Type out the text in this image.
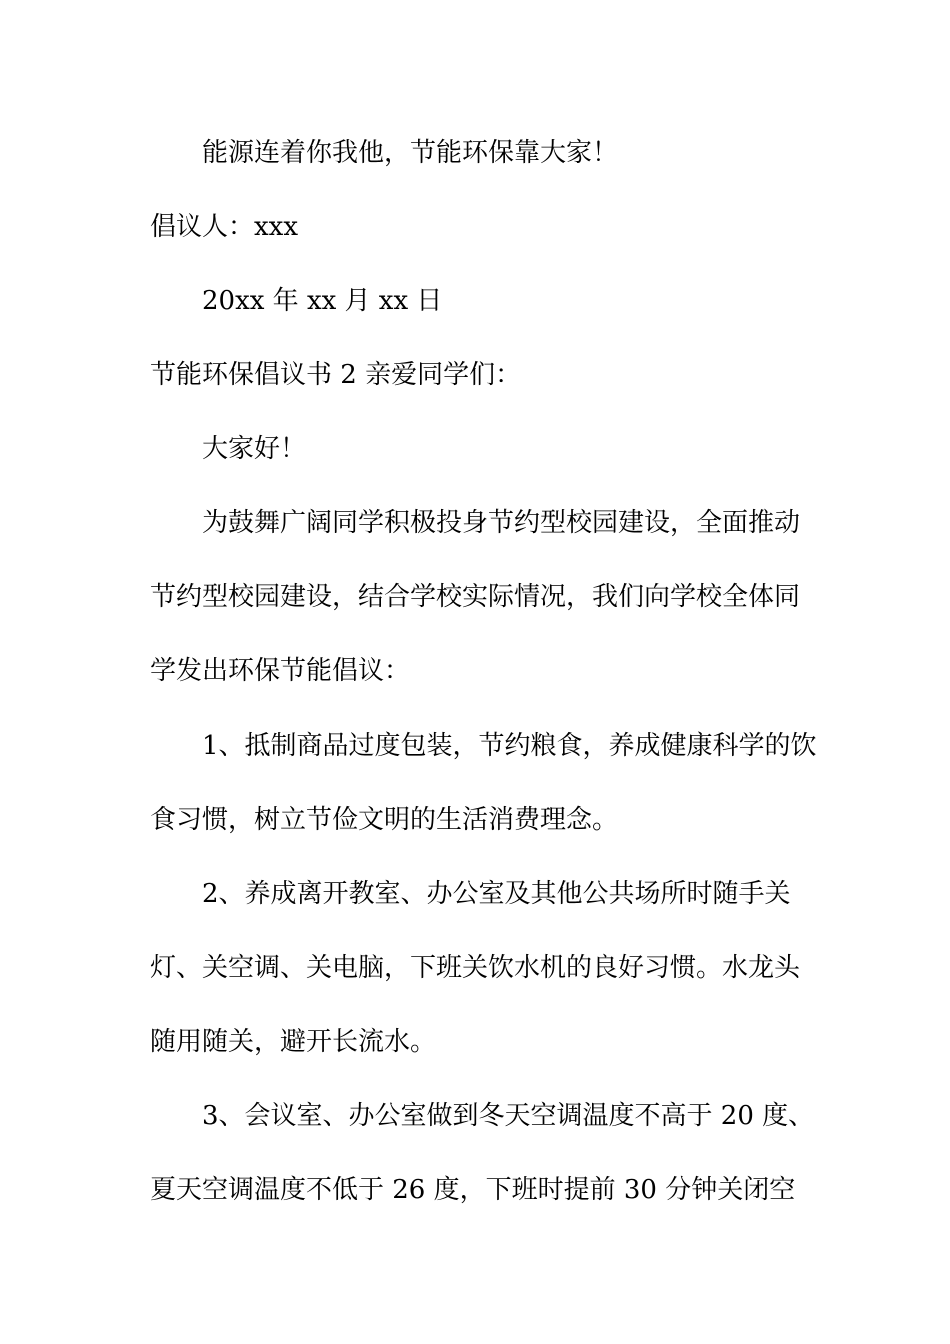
能源连着你我他，节能环保靠大家！
倡议人：xxx
20xx 年 xx 月 xx 日
节能环保倡议书 2 亲爱同学们：
大家好！
为鼓舞广阔同学积极投身节约型校园建设，全面推动
节约型校园建设，结合学校实际情况，我们向学校全体同
学发出环保节能倡议：
1、抵制商品过度包装，节约粮食，养成健康科学的饮
食习惯，树立节俭文明的生活消费理念。
2、养成离开教室、办公室及其他公共场所时随手关
灯、关空调、关电脑，下班关饮水机的良好习惯。水龙头
随用随关，避开长流水。
3、会议室、办公室做到冬天空调温度不高于 20 度、
夏天空调温度不低于 26 度，下班时提前 30 分钟关闭空
